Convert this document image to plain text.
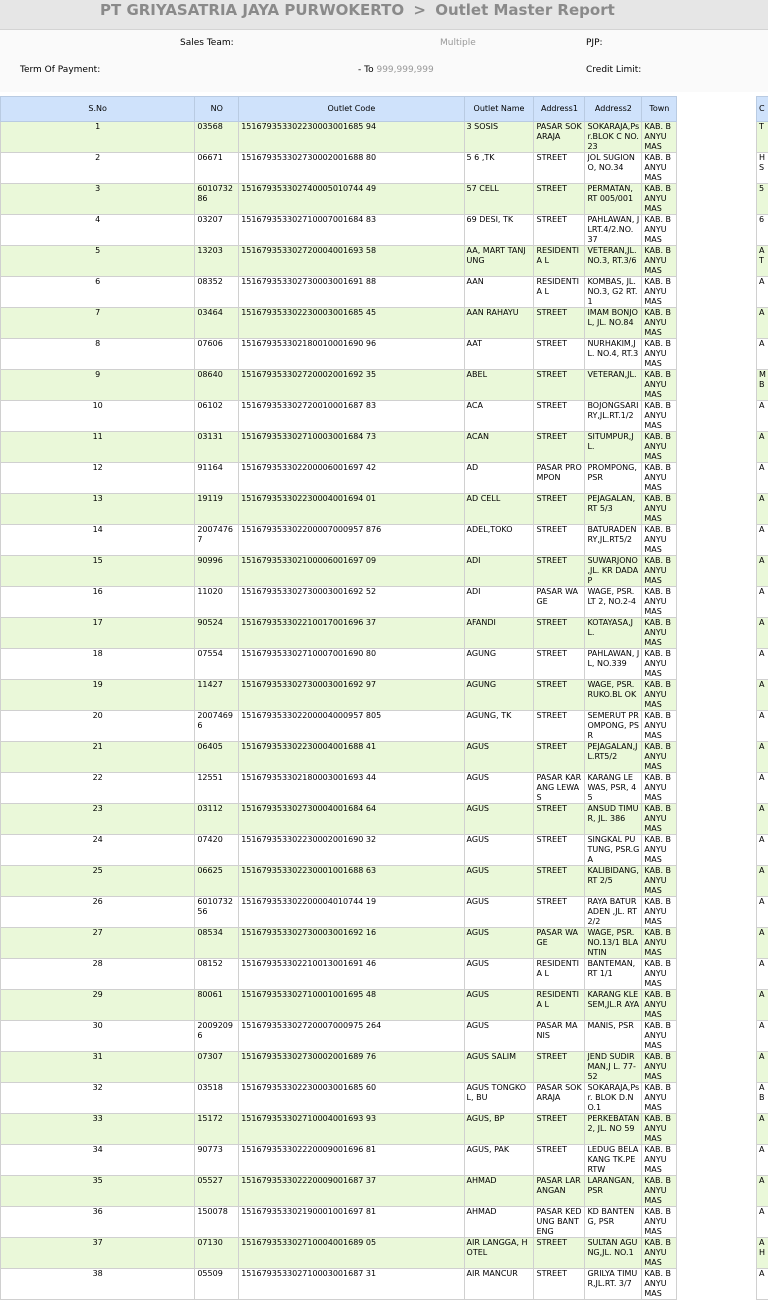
PT GRIYASATRIA JAYA PURWOKERTO > Outlet Master Report
Sales Team:	Multiple	PJP:
Term Of Payment:	- To 999,999,999	Credit Limit:
S.No	NO	Outlet Code	Outlet Name	Address1	Address2	Town		C
1	03568	151679353302230003001685 94	3 SOSIS	PASAR SOKARAJA	SOKARAJA,Ps r.BLOK C NO.23	KAB. BANYU MAS		T
2	06671	151679353302730002001688 80	5 6 ,TK	STREET	JOL SUGIONO, NO.34	KAB. BANYU MAS		H S
3	601073286	151679353302740005010744 49	57 CELL	STREET	PERMATAN, RT 005/001	KAB. BANYU MAS		5
4	03207	151679353302710007001684 83	69 DESI, TK	STREET	PAHLAWAN, JLRT.4/2.NO. 37	KAB. BANYU MAS		6
5	13203	151679353302720004001693 58	AA, MART TANJUNG	RESIDENTIA L	VETERAN,JL. NO.3, RT.3/6	KAB. BANYU MAS		A T
6	08352	151679353302730003001691 88	AAN	RESIDENTIA L	KOMBAS, JL.NO.3, G2 RT.1	KAB. BANYU MAS		A
7	03464	151679353302230003001685 45	AAN RAHAYU	STREET	IMAM BONJOL, JL. NO.84	KAB. BANYU MAS		A
8	07606	151679353302180010001690 96	AAT	STREET	NURHAKIM,J L. NO.4, RT.3	KAB. BANYU MAS		A
9	08640	151679353302720002001692 35	ABEL	STREET	VETERAN,JL.	KAB. BANYU MAS		M B
10	06102	151679353302720010001687 83	ACA	STREET	BOJONGSARI RY,JL.RT.1/2	KAB. BANYU MAS		A
11	03131	151679353302710003001684 73	ACAN	STREET	SITUMPUR,J L.	KAB. BANYU MAS		A
12	91164	151679353302200006001697 42	AD	PASAR PROMPON	PROMPONG, PSR	KAB. BANYU MAS		A
13	19119	151679353302230004001694 01	AD CELL	STREET	PEJAGALAN, RT 5/3	KAB. BANYU MAS		A
14	20074767	151679353302200007000957 876	ADEL,TOKO	STREET	BATURADEN RY,JL.RT5/2	KAB. BANYU MAS		A
15	90996	151679353302100006001697 09	ADI	STREET	SUWARJONO ,JL. KR DADAP	KAB. BANYU MAS		A
16	11020	151679353302730003001692 52	ADI	PASAR WAGE	WAGE, PSR. LT 2, NO.2-4	KAB. BANYU MAS		A
17	90524	151679353302210017001696 37	AFANDI	STREET	KOTAYASA,JL.	KAB. BANYU MAS		A
18	07554	151679353302710007001690 80	AGUNG	STREET	PAHLAWAN, JL, NO.339	KAB. BANYU MAS		A
19	11427	151679353302730003001692 97	AGUNG	STREET	WAGE, PSR.RUKO.BL OK	KAB. BANYU MAS		A
20	20074696	151679353302200004000957 805	AGUNG, TK	STREET	SEMERUT PROMPONG, PSR	KAB. BANYU MAS		A
21	06405	151679353302230004001688 41	AGUS	STREET	PEJAGALAN,J L.RT5/2	KAB. BANYU MAS		A
22	12551	151679353302180003001693 44	AGUS	PASAR KARANG LEWAS	KARANG LEWAS, PSR, 45	KAB. BANYU MAS		A
23	03112	151679353302730004001684 64	AGUS	STREET	ANSUD TIMUR, JL. 386	KAB. BANYU MAS		A
24	07420	151679353302230002001690 32	AGUS	STREET	SINGKAL PUTUNG, PSR.GA	KAB. BANYU MAS		A
25	06625	151679353302230001001688 63	AGUS	STREET	KALIBIDANG, RT 2/5	KAB. BANYU MAS		A
26	601073256	151679353302200004010744 19	AGUS	STREET	RAYA BATURADEN ,JL. RT 2/2	KAB. BANYU MAS		A
27	08534	151679353302730003001692 16	AGUS	PASAR WAGE	WAGE, PSR.NO.13/1 BLANTIN	KAB. BANYU MAS		A
28	08152	151679353302210013001691 46	AGUS	RESIDENTIA L	BANTEMAN, RT 1/1	KAB. BANYU MAS		A
29	80061	151679353302710001001695 48	AGUS	RESIDENTIA L	KARANG KLESEM,JL.R AYA	KAB. BANYU MAS		A
30	20092096	151679353302720007000975 264	AGUS	PASAR MANIS	MANIS, PSR	KAB. BANYU MAS		A
31	07307	151679353302730002001689 76	AGUS SALIM	STREET	JEND SUDIRMAN,J L. 77-52	KAB. BANYU MAS		A
32	03518	151679353302230003001685 60	AGUS TONGKOL, BU	PASAR SOKARAJA	SOKARAJA,Ps r. BLOK D.NO.1	KAB. BANYU MAS		A B
33	15172	151679353302710004001693 93	AGUS, BP	STREET	PERKEBATAN 2, JL. NO 59	KAB. BANYU MAS		A
34	90773	151679353302220009001696 81	AGUS, PAK	STREET	LEDUG BELAKANG TK.PERTW	KAB. BANYU MAS		A
35	05527	151679353302220009001687 37	AHMAD	PASAR LARANGAN	LARANGAN, PSR	KAB. BANYU MAS		A
36	150078	151679353302190001001697 81	AHMAD	PASAR KEDUNG BANTENG	KD BANTENG, PSR	KAB. BANYU MAS		A
37	07130	151679353302710004001689 05	AIR LANGGA, HOTEL	STREET	SULTAN AGUNG,JL. NO.1	KAB. BANYU MAS		A H
38	05509	151679353302710003001687 31	AIR MANCUR	STREET	GRILYA TIMUR,JL.RT. 3/7	KAB. BANYU MAS		A
